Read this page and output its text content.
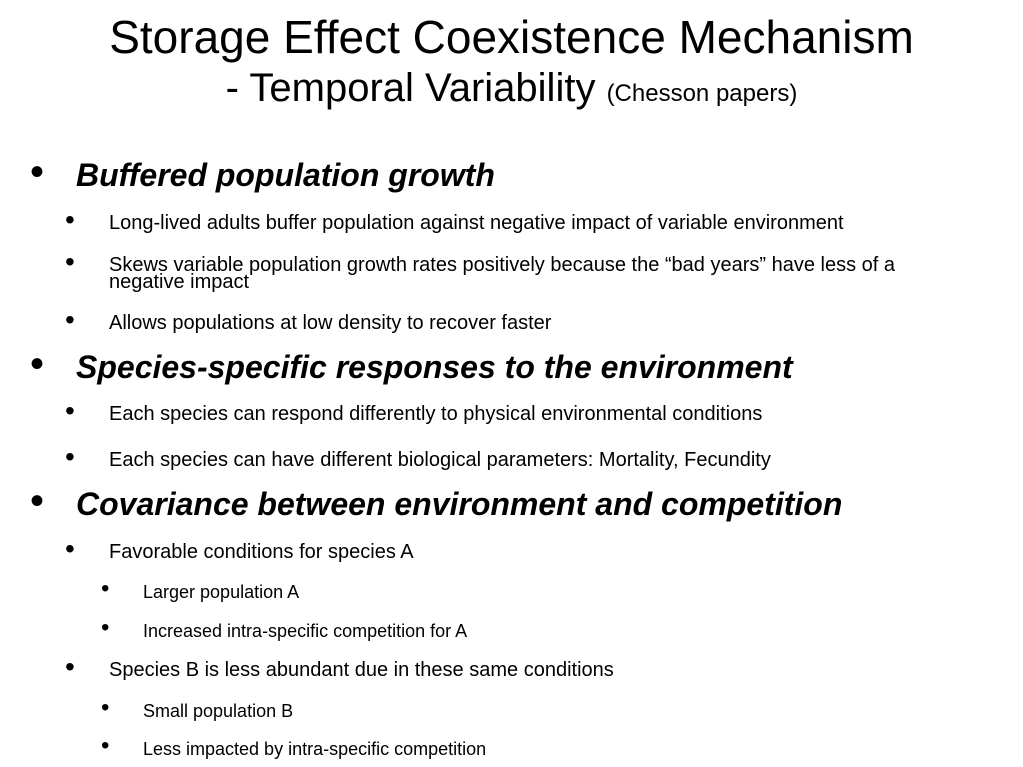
Storage Effect Coexistence Mechanism
- Temporal Variability (Chesson papers)
• Buffered population growth
• Long-lived adults buffer population against negative impact of variable environment
• Skews variable population growth rates positively because the “bad years” have less of a
negative impact
• Allows populations at low density to recover faster
• Species-specific responses to the environment
• Each species can respond differently to physical environmental conditions
• Each species can have different biological parameters: Mortality, Fecundity
• Covariance between environment and competition
• Favorable conditions for species A
• Larger population A
• Increased intra-specific competition for A
• Species B is less abundant due in these same conditions
• Small population B
• Less impacted by intra-specific competition
